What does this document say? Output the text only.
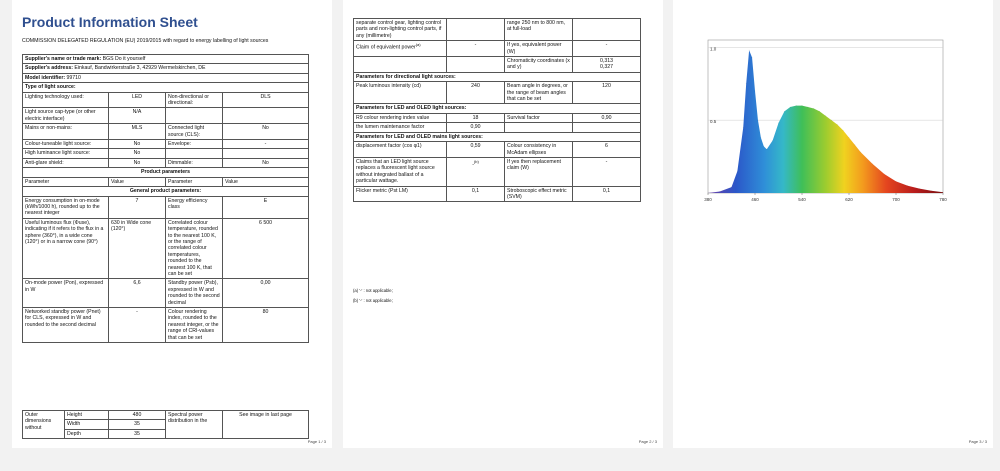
Product Information Sheet
COMMISSION DELEGATED REGULATION (EU) 2019/2015 with regard to energy labelling of light sources
Supplier's name or trade mark: BGS Do it yourself			
Supplier's address: Einkauf, Bandwirkerstraße 3, 42929 Wermelskirchen, DE			
Model identifier: 99710			
Type of light source:			
Lighting technology used:	LED	Non-directional or directional:	DLS
Light source cap-type (or other electric interface)	N/A		
Mains or non-mains:	MLS	Connected light source (CLS):	No
Colour-tuneable light source:	No	Envelope:	-
High luminance light source:	No		
Anti-glare shield:	No	Dimmable:	No
Product parameters			
Parameter	Value	Parameter	Value
General product parameters:			
Energy consumption in on-mode (kWh/1000 h), rounded up to the nearest integer	7	Energy efficiency class	E
Useful luminous flux (Φuse), indicating if it refers to the flux in a sphere (360°), in a wide cone (120°) or in a narrow cone (90°)	630 in Wide cone (120°)	Correlated colour temperature, rounded to the nearest 100 K, or the range of correlated colour temperatures, rounded to the nearest 100 K, that can be set	6 500
On-mode power (Pon), expressed in W	6,6	Standby power (Psb), expressed in W and rounded to the second decimal	0,00
Networked standby power (Pnet) for CLS, expressed in W and rounded to the second decimal	-	Colour rendering index, rounded to the nearest integer, or the range of CRI-values that can be set	80
Outer dimensions without	Height	480	Spectral power distribution in the	See image in last page
	Width	35		
	Depth	35		
Page 1 / 3
separate control gear, lighting control parts and non-lighting control parts, if any (millimetre)		range 250 nm to 800 nm, at full-load	
Claim of equivalent power$^{(a)}$	-	If yes, equivalent power (W)	-
		Chromaticity coordinates (x and y)	0,313
0,327

Parameters for directional light sources:			
Peak luminous intensity (cd)	240	Beam angle in degrees, or the range of beam angles that can be set	120
Parameters for LED and OLED light sources:			
R9 colour rendering index value	18	Survival factor	0,90
the lumen maintenance factor	0,90		
Parameters for LED and OLED mains light sources:			
displacement factor (cos φ1)	0,59	Colour consistency in McAdam ellipses	6
Claims that an LED light source replaces a fluorescent light source without integrated ballast of a particular wattage.	-$^{(b)}$	If yes then replacement claim (W)	-
Flicker metric (Pst LM)	0,1	Stroboscopic effect metric (SVM)	0,1
(a) '-' : not applicable;
(b) '-' : not applicable;
Page 2 / 3
1.0
0.5
380	460	540	620	700	780
Page 3 / 3
